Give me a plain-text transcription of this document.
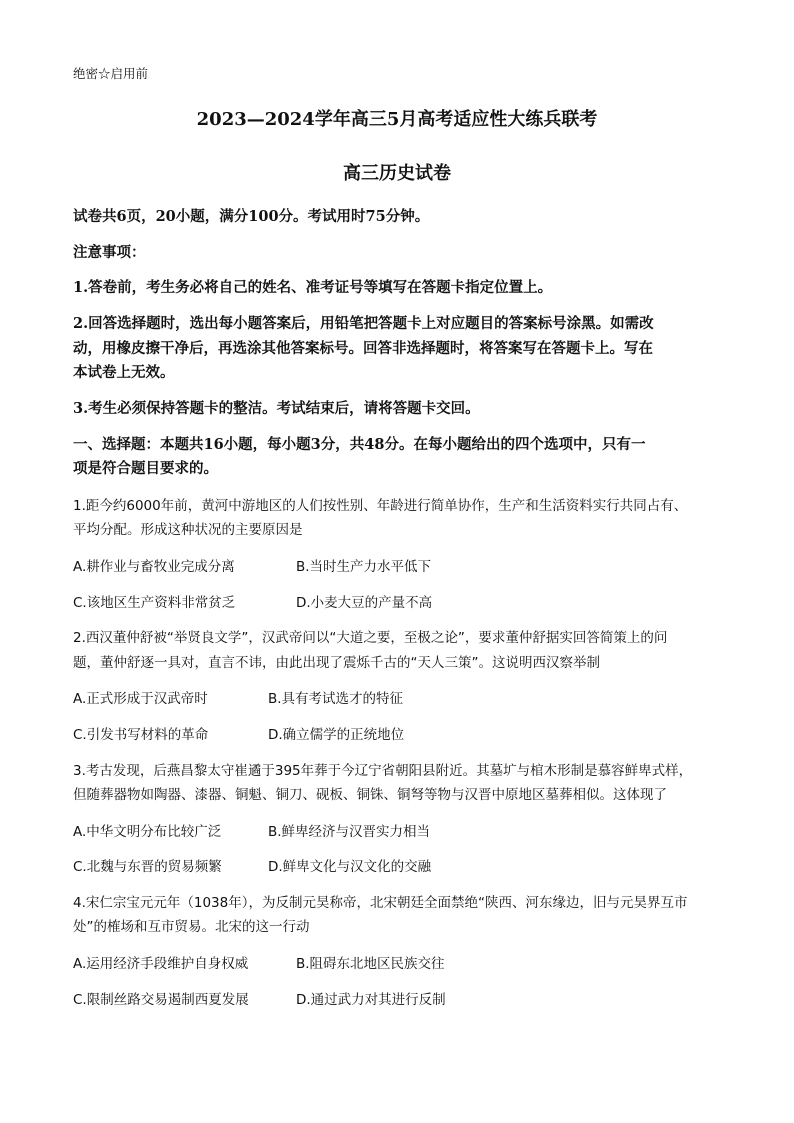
绝密☆启用前
2023—2024学年高三5月高考适应性大练兵联考
高三历史试卷
试卷共6页，20小题，满分100分。考试用时75分钟。
注意事项：
1.答卷前，考生务必将自己的姓名、准考证号等填写在答题卡指定位置上。
2.回答选择题时，选出每小题答案后，用铅笔把答题卡上对应题目的答案标号涂黑。如需改
动，用橡皮擦干净后，再选涂其他答案标号。回答非选择题时，将答案写在答题卡上。写在
本试卷上无效。
3.考生必须保持答题卡的整洁。考试结束后，请将答题卡交回。
一、选择题：本题共16小题，每小题3分，共48分。在每小题给出的四个选项中，只有一
项是符合题目要求的。
1.距今约6000年前，黄河中游地区的人们按性别、年龄进行简单协作，生产和生活资料实行共同占有、
平均分配。形成这种状况的主要原因是
A.耕作业与畜牧业完成分离	B.当时生产力水平低下
C.该地区生产资料非常贫乏	D.小麦大豆的产量不高
2.西汉董仲舒被“举贤良文学”，汉武帝问以“大道之要，至极之论”，要求董仲舒据实回答简策上的问
题，董仲舒逐一具对，直言不讳，由此出现了震烁千古的“天人三策”。这说明西汉察举制
A.正式形成于汉武帝时	B.具有考试选才的特征
C.引发书写材料的革命	D.确立儒学的正统地位
3.考古发现，后燕昌黎太守崔遹于395年葬于今辽宁省朝阳县附近。其墓圹与棺木形制是慕容鲜卑式样，
但随葬器物如陶器、漆器、铜魁、铜刀、砚板、铜铢、铜弩等物与汉晋中原地区墓葬相似。这体现了
A.中华文明分布比较广泛	B.鲜卑经济与汉晋实力相当
C.北魏与东晋的贸易频繁	D.鲜卑文化与汉文化的交融
4.宋仁宗宝元元年（1038年），为反制元昊称帝，北宋朝廷全面禁绝“陕西、河东缘边，旧与元昊界互市
处”的榷场和互市贸易。北宋的这一行动
A.运用经济手段维护自身权威	B.阻碍东北地区民族交往
C.限制丝路交易遏制西夏发展	D.通过武力对其进行反制
